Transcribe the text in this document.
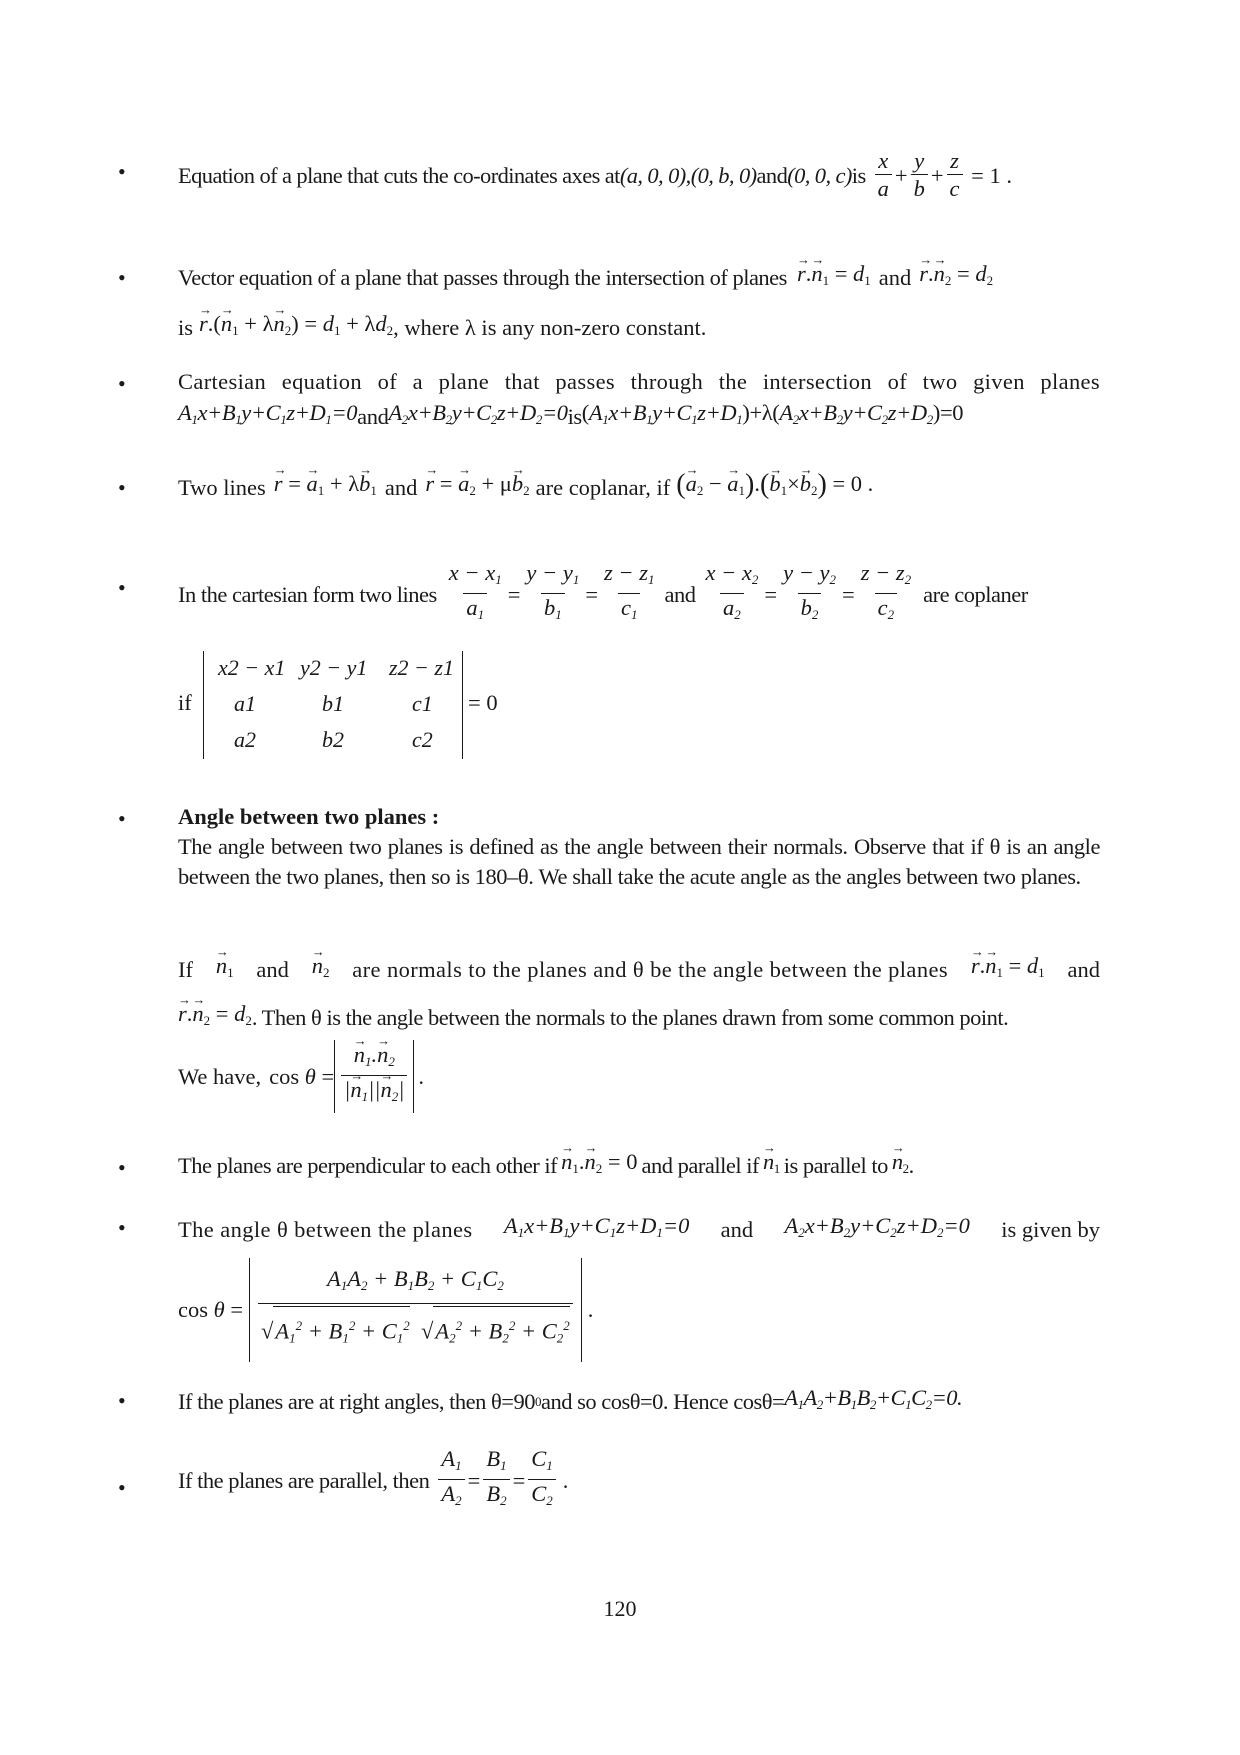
• Equation of a plane that cuts the co-ordinates axes at (a, 0, 0) , (0, b, 0) and (0, 0, c) is $\frac{x}{a} + \frac{y}{b} + \frac{z}{c} = 1$ .
• Vector equation of a plane that passes through the intersection of planes
→ $r.\to n_1 = d_1$ and
→ $r.\to n_2 = d_2$
is
→ $r.(\to n_1 + \lambda\to n_2) = d_1 + \lambda d_2$ , where λ is any non-zero constant.
• Cartesian equation of a plane that passes through the intersection of two given planes
$A_1x+B_1y+C_1z+D_1=0$ and $A_2x+B_2y+C_2z+D_2=0$ is $(A_1x+B_1y+C_1z+D_1)+\lambda(A_2x+B_2y+C_2z+D_2)=0$
• Two lines
→ r = → $a_1 + \lambda\to b_1$ and
→ r = → $a_2 + \mu\to b_2$ are coplanar, if (→ $a_2$ − → $a_1).(\to b_1\times\to b_2) = 0$ .
• In the cartesian form two lines $\frac{x - x_1}{a_1} = \frac{y - y_1}{b_1} = \frac{z - z_1}{c_1}$ and $\frac{x - x_2}{a_2} = \frac{y - y_2}{b_2} = \frac{z - z_2}{c_2}$ are coplaner
if
x2 − x1 y2 − y1 z2 − z1
a1	b1	c1
a2	b2	c2
= 0
• Angle between two planes :
The angle between two planes is defined as the angle between their normals. Observe that if θ is an angle between the two planes, then so is 180–θ. We shall take the acute angle as the angles between two planes.
If
→ $n_1$ and
→ $n_2$ are normals to the planes and θ be the angle between the planes
→ $r.\to n_1 = d_1$ and
→ $r.\to n_2 = d_2$ . Then θ is the angle between the normals to the planes drawn from some common point.
We have, cos θ =
→ $\frac{n_1.\to n_2}{|\to n_1||\to n_2|}$ .
• The planes are perpendicular to each other if
→ $n_1.\to n_2 = 0$ and parallel if
→ $n_1$ is parallel to
→ $n_2$ .
• The angle θ between the planes $A_1x+B_1y+C_1z+D_1=0$ and $A_2x+B_2y+C_2z+D_2=0$ is given by
$\cos \theta = \frac{A_1A_2 + B_1B_2 + C_1C_2}{√A_1^2 + B_1^2 + C_1^2 √A_2^2 + B_2^2 + C_2^2}$ .
• If the planes are at right angles, then θ=90 0 and so cosθ=0. Hence $\cos\theta= A_1A_2+B_1B_2+C_1C_2=0$.
• If the planes are parallel, then $\frac{A_1}{A_2} = \frac{B_1}{B_2} = \frac{C_1}{C_2}$ .
120
